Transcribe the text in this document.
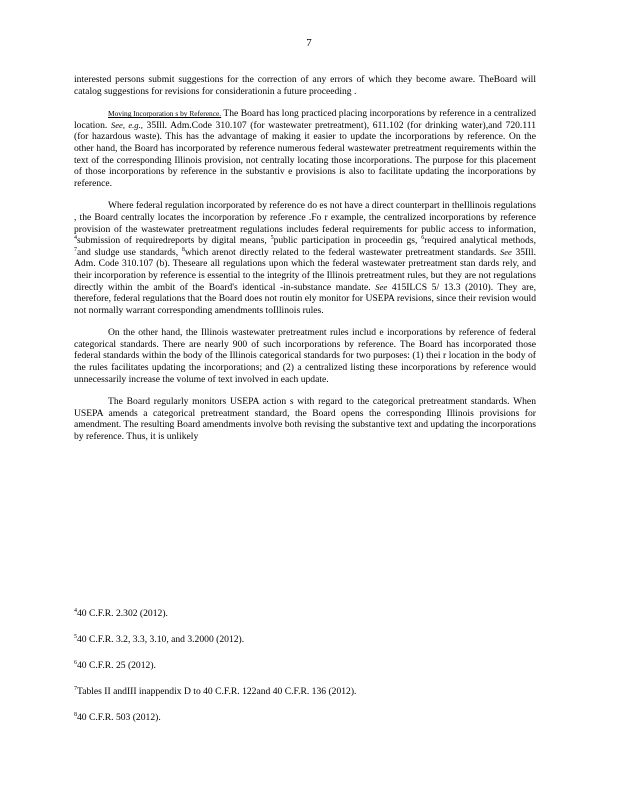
7

interested persons submit suggestions for the correction of any errors of which they become aware. TheBoard will catalog suggestions for revisions for considerationin a future proceeding .

Moving Incorporation s by Reference. The Board has long practiced placing incorporations by reference in a centralized location. See, e.g., 35Ill. Adm.Code 310.107 (for wastewater pretreatment), 611.102 (for drinking water),and 720.111 (for hazardous waste). This has the advantage of making it easier to update the incorporations by reference. On the other hand, the Board has incorporated by reference numerous federal wastewater pretreatment requirements within the text of the corresponding Illinois provision, not centrally locating those incorporations. The purpose for this placement of those incorporations by reference in the substantiv e provisions is also to facilitate updating the incorporations by reference.

Where federal regulation incorporated by reference do es not have a direct counterpart in theIllinois regulations , the Board centrally locates the incorporation by reference .Fo r example, the centralized incorporations by reference provision of the wastewater pretreatment regulations includes federal requirements for public access to information, $^4$submission of requiredreports by digital means, $^5$public participation in proceedin gs, $^6$required analytical methods, $^7$and sludge use standards, $^8$which arenot directly related to the federal wastewater pretreatment standards. See 35Ill. Adm. Code 310.107 (b). Theseare all regulations upon which the federal wastewater pretreatment stan dards rely, and their incorporation by reference is essential to the integrity of the Illinois pretreatment rules, but they are not regulations directly within the ambit of the Board's identical -in-substance mandate. See 415ILCS 5/ 13.3 (2010). They are, therefore, federal regulations that the Board does not routin ely monitor for USEPA revisions, since their revision would not normally warrant corresponding amendments toIllinois rules.

On the other hand, the Illinois wastewater pretreatment rules includ e incorporations by reference of federal categorical standards. There are nearly 900 of such incorporations by reference. The Board has incorporated those federal standards within the body of the Illinois categorical standards for two purposes: (1) thei r location in the body of the rules facilitates updating the incorporations; and (2) a centralized listing these incorporations by reference would unnecessarily increase the volume of text involved in each update.

The Board regularly monitors USEPA action s with regard to the categorical pretreatment standards. When USEPA amends a categorical pretreatment standard, the Board opens the corresponding Illinois provisions for amendment. The resulting Board amendments involve both revising the substantive text and updating the incorporations by reference. Thus, it is unlikely

$^4$40 C.F.R. 2.302 (2012).
$^5$40 C.F.R. 3.2, 3.3, 3.10, and 3.2000 (2012).
$^6$40 C.F.R. 25 (2012).
$^7$Tables II andIII inappendix D to 40 C.F.R. 122and 40 C.F.R. 136 (2012).
$^8$40 C.F.R. 503 (2012).
